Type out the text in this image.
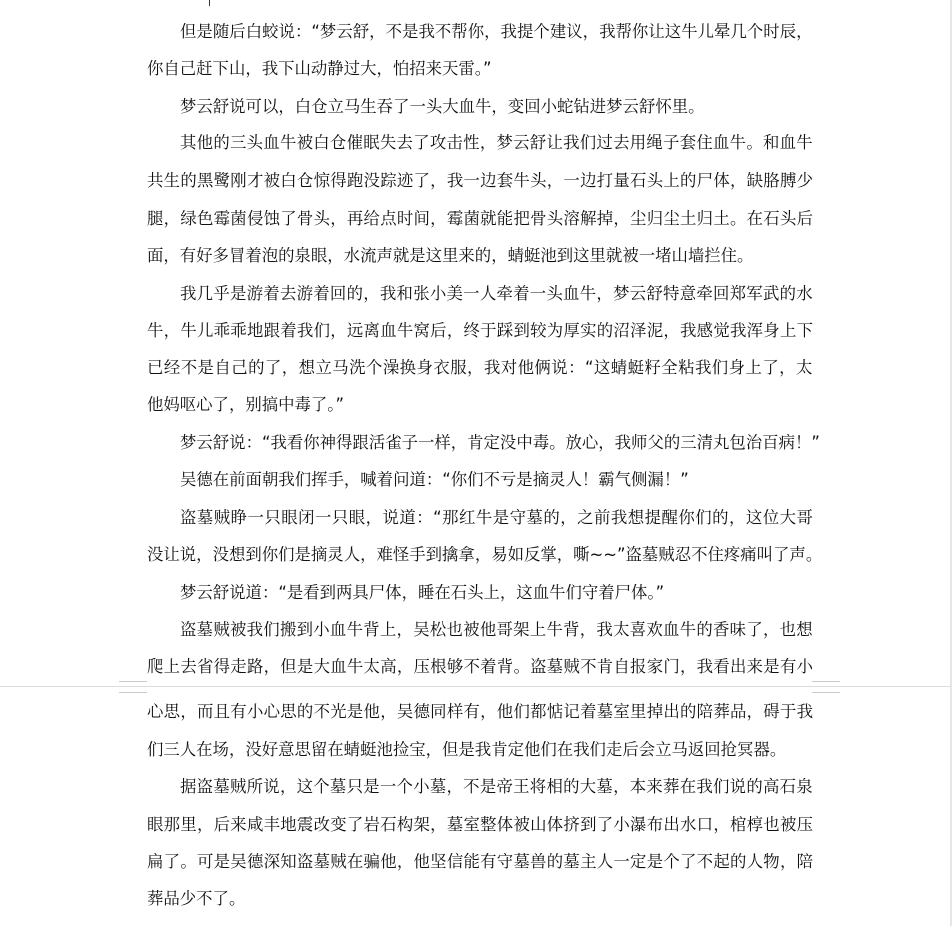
但 是 随 后 白 蛟 说 ： “ 梦 云 舒 ， 不 是 我 不 帮 你 ， 我 提 个 建 议 ， 我 帮 你 让 这 牛 儿 晕 几 个 时 辰 ，
你自己赶下山，我下山动静过大，怕招来天雷。”
梦云舒说可以，白仓立马生吞了一头大血牛，变回小蛇钻进梦云舒怀里。
其 他 的 三 头 血 牛 被 白 仓 催 眠 失 去 了 攻 击 性 ， 梦 云 舒 让 我 们 过 去 用 绳 子 套 住 血 牛 。 和 血 牛
共 生 的 黑 鹭 刚 才 被 白 仓 惊 得 跑 没 踪 迹 了 ， 我 一 边 套 牛 头 ， 一 边 打 量 石 头 上 的 尸 体 ， 缺 胳 膊 少
腿 ， 绿 色 霉 菌 侵 蚀 了 骨 头 ， 再 给 点 时 间 ， 霉 菌 就 能 把 骨 头 溶 解 掉 ， 尘 归 尘 土 归 土 。 在 石 头 后
面，有好多冒着泡的泉眼，水流声就是这里来的，蜻蜓池到这里就被一堵山墙拦住。
我 几 乎 是 游 着 去 游 着 回 的 ， 我 和 张 小 美 一 人 牵 着 一 头 血 牛 ， 梦 云 舒 特 意 牵 回 郑 军 武 的 水
牛 ， 牛 儿 乖 乖 地 跟 着 我 们 ， 远 离 血 牛 窝 后 ， 终 于 踩 到 较 为 厚 实 的 沼 泽 泥 ， 我 感 觉 我 浑 身 上 下
已 经 不 是 自 己 的 了 ， 想 立 马 洗 个 澡 换 身 衣 服 ， 我 对 他 俩 说 ： “ 这 蜻 蜓 籽 全 粘 我 们 身 上 了 ， 太
他妈呕心了，别搞中毒了。”
梦 云 舒 说 ： “ 我 看 你 神 得 跟 活 雀 子 一 样 ， 肯 定 没 中 毒 。 放 心 ， 我 师 父 的 三 清 丸 包 治 百 病 ！ ”
吴德在前面朝我们挥手，喊着问道：“你们不亏是摘灵人！霸气侧漏！”
盗 墓 贼 睁 一 只 眼 闭 一 只 眼 ， 说 道 ： “ 那 红 牛 是 守 墓 的 ， 之 前 我 想 提 醒 你 们 的 ， 这 位 大 哥
没 让 说 ， 没 想 到 你 们 是 摘 灵 人 ， 难 怪 手 到 擒 拿 ， 易 如 反 掌 ， 嘶 ~ ~ ” 盗 墓 贼 忍 不 住 疼 痛 叫 了 声 。
梦云舒说道：“是看到两具尸体，睡在石头上，这血牛们守着尸体。”
盗 墓 贼 被 我 们 搬 到 小 血 牛 背 上 ， 吴 松 也 被 他 哥 架 上 牛 背 ， 我 太 喜 欢 血 牛 的 香 味 了 ， 也 想
爬 上 去 省 得 走 路 ， 但 是 大 血 牛 太 高 ， 压 根 够 不 着 背 。 盗 墓 贼 不 肯 自 报 家 门 ， 我 看 出 来 是 有 小
心 思 ， 而 且 有 小 心 思 的 不 光 是 他 ， 吴 德 同 样 有 ， 他 们 都 惦 记 着 墓 室 里 掉 出 的 陪 葬 品 ， 碍 于 我
们三人在场，没好意思留在蜻蜓池捡宝，但是我肯定他们在我们走后会立马返回抢冥器。
据 盗 墓 贼 所 说 ， 这 个 墓 只 是 一 个 小 墓 ， 不 是 帝 王 将 相 的 大 墓 ， 本 来 葬 在 我 们 说 的 高 石 泉
眼 那 里 ， 后 来 咸 丰 地 震 改 变 了 岩 石 构 架 ， 墓 室 整 体 被 山 体 挤 到 了 小 瀑 布 出 水 口 ， 棺 椁 也 被 压
扁 了 。 可 是 吴 德 深 知 盗 墓 贼 在 骗 他 ， 他 坚 信 能 有 守 墓 兽 的 墓 主 人 一 定 是 个 了 不 起 的 人 物 ， 陪
葬品少不了。
